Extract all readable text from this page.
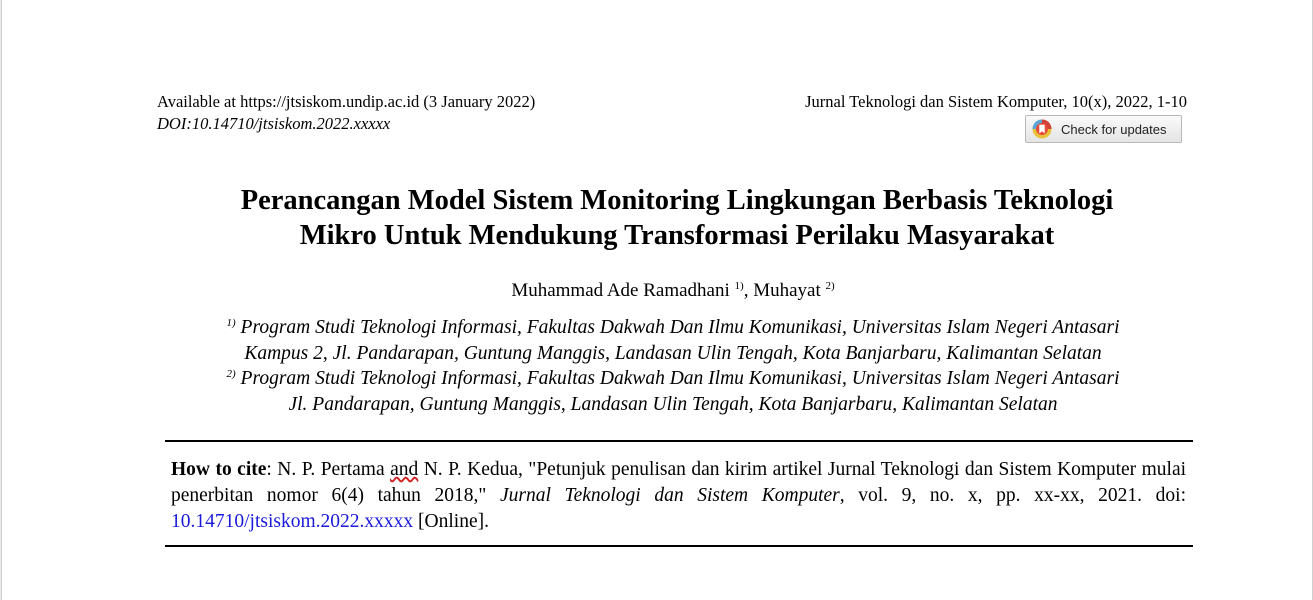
Available at https://jtsiskom.undip.ac.id (3 January 2022)
DOI:10.14710/jtsiskom.2022.xxxxx
Jurnal Teknologi dan Sistem Komputer, 10(x), 2022, 1-10
Check for updates
Perancangan Model Sistem Monitoring Lingkungan Berbasis Teknologi
Mikro Untuk Mendukung Transformasi Perilaku Masyarakat
Muhammad Ade Ramadhani $^{1)}$, Muhayat $^{2)}$
$^{1)}$ Program Studi Teknologi Informasi, Fakultas Dakwah Dan Ilmu Komunikasi, Universitas Islam Negeri Antasari
Kampus 2, Jl. Pandarapan, Guntung Manggis, Landasan Ulin Tengah, Kota Banjarbaru, Kalimantan Selatan
$^{2)}$ Program Studi Teknologi Informasi, Fakultas Dakwah Dan Ilmu Komunikasi, Universitas Islam Negeri Antasari
Jl. Pandarapan, Guntung Manggis, Landasan Ulin Tengah, Kota Banjarbaru, Kalimantan Selatan
How to cite: N. P. Pertama and N. P. Kedua, "Petunjuk penulisan dan kirim artikel Jurnal Teknologi dan Sistem Komputer mulai penerbitan nomor 6(4) tahun 2018," Jurnal Teknologi dan Sistem Komputer, vol. 9, no. x, pp. xx-xx, 2021. doi: 10.14710/jtsiskom.2022.xxxxx [Online].
